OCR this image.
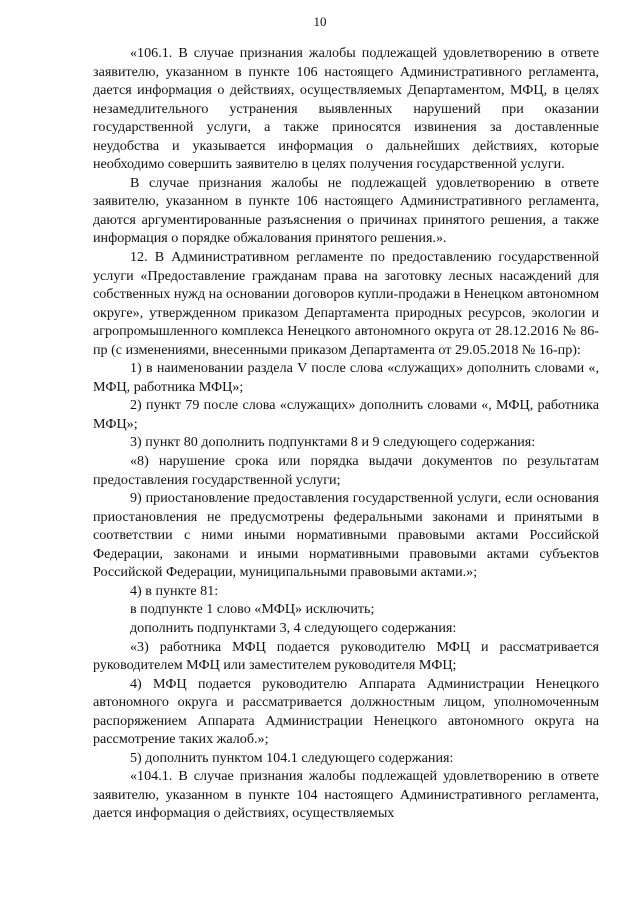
10

«106.1. В случае признания жалобы подлежащей удовлетворению в ответе заявителю, указанном в пункте 106 настоящего Административного регламента, дается информация о действиях, осуществляемых Департаментом, МФЦ, в целях незамедлительного устранения выявленных нарушений при оказании государственной услуги, а также приносятся извинения за доставленные неудобства и указывается информация о дальнейших действиях, которые необходимо совершить заявителю в целях получения государственной услуги.

В случае признания жалобы не подлежащей удовлетворению в ответе заявителю, указанном в пункте 106 настоящего Административного регламента, даются аргументированные разъяснения о причинах принятого решения, а также информация о порядке обжалования принятого решения.».

12. В Административном регламенте по предоставлению государственной услуги «Предоставление гражданам права на заготовку лесных насаждений для собственных нужд на основании договоров купли-продажи в Ненецком автономном округе», утвержденном приказом Департамента природных ресурсов, экологии и агропромышленного комплекса Ненецкого автономного округа от 28.12.2016 № 86-пр (с изменениями, внесенными приказом Департамента от 29.05.2018 № 16-пр):

1) в наименовании раздела V после слова «служащих» дополнить словами «, МФЦ, работника МФЦ»;

2) пункт 79 после слова «служащих» дополнить словами «, МФЦ, работника МФЦ»;

3) пункт 80 дополнить подпунктами 8 и 9 следующего содержания:

«8) нарушение срока или порядка выдачи документов по результатам предоставления государственной услуги;

9) приостановление предоставления государственной услуги, если основания приостановления не предусмотрены федеральными законами и принятыми в соответствии с ними иными нормативными правовыми актами Российской Федерации, законами и иными нормативными правовыми актами субъектов Российской Федерации, муниципальными правовыми актами.»;

4) в пункте 81:

в подпункте 1 слово «МФЦ» исключить;

дополнить подпунктами 3, 4 следующего содержания:

«3) работника МФЦ подается руководителю МФЦ и рассматривается руководителем МФЦ или заместителем руководителя МФЦ;

4) МФЦ подается руководителю Аппарата Администрации Ненецкого автономного округа и рассматривается должностным лицом, уполномоченным распоряжением Аппарата Администрации Ненецкого автономного округа на рассмотрение таких жалоб.»;

5) дополнить пунктом 104.1 следующего содержания:

«104.1. В случае признания жалобы подлежащей удовлетворению в ответе заявителю, указанном в пункте 104 настоящего Административного регламента, дается информация о действиях, осуществляемых
